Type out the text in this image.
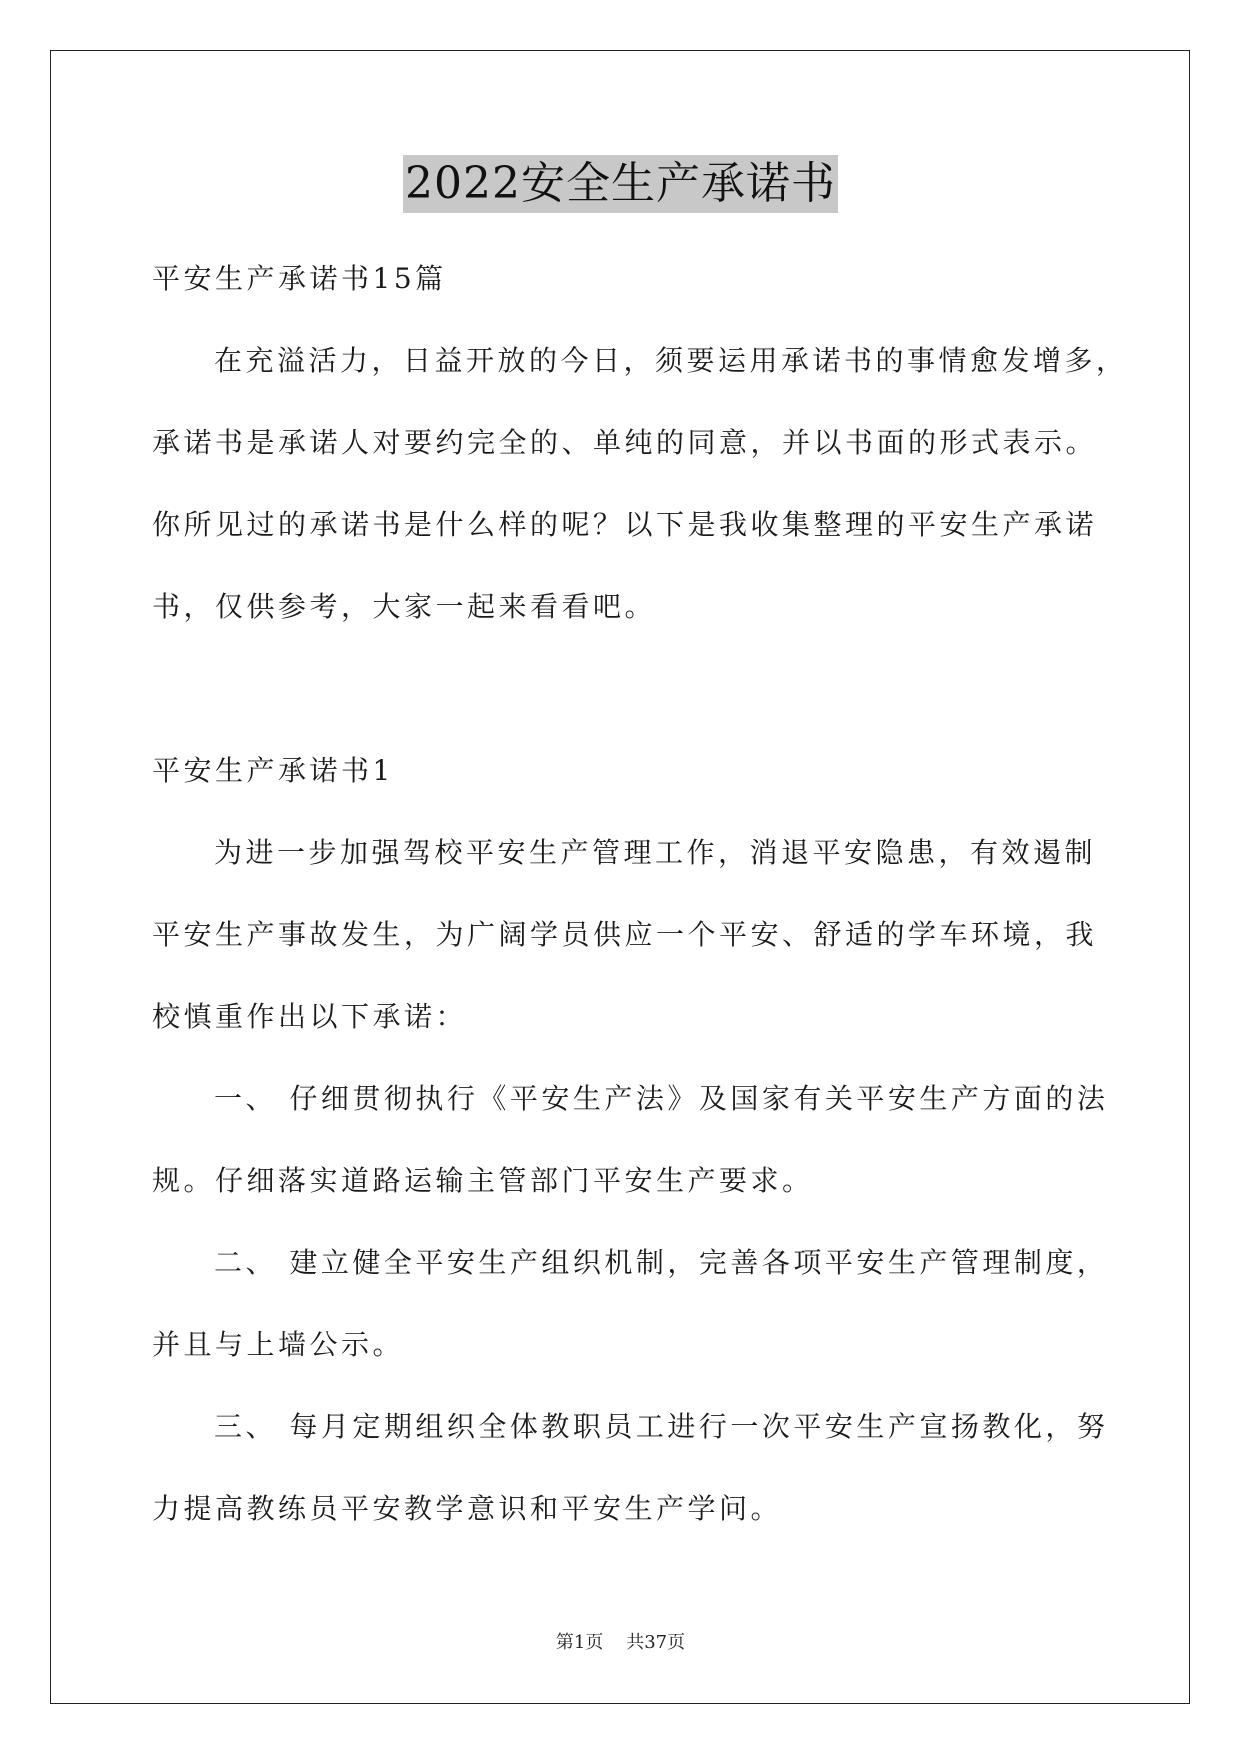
2022安全生产承诺书
平安生产承诺书15篇
在充溢活力，日益开放的今日，须要运用承诺书的事情愈发增多，
承诺书是承诺人对要约完全的、单纯的同意，并以书面的形式表示。
你所见过的承诺书是什么样的呢？以下是我收集整理的平安生产承诺
书，仅供参考，大家一起来看看吧。
平安生产承诺书1
为进一步加强驾校平安生产管理工作，消退平安隐患，有效遏制
平安生产事故发生，为广阔学员供应一个平安、舒适的学车环境，我
校慎重作出以下承诺：
一、 仔细贯彻执行《平安生产法》及国家有关平安生产方面的法
规。仔细落实道路运输主管部门平安生产要求。
二、 建立健全平安生产组织机制，完善各项平安生产管理制度，
并且与上墙公示。
三、 每月定期组织全体教职员工进行一次平安生产宣扬教化，努
力提高教练员平安教学意识和平安生产学问。
第1页    共37页
